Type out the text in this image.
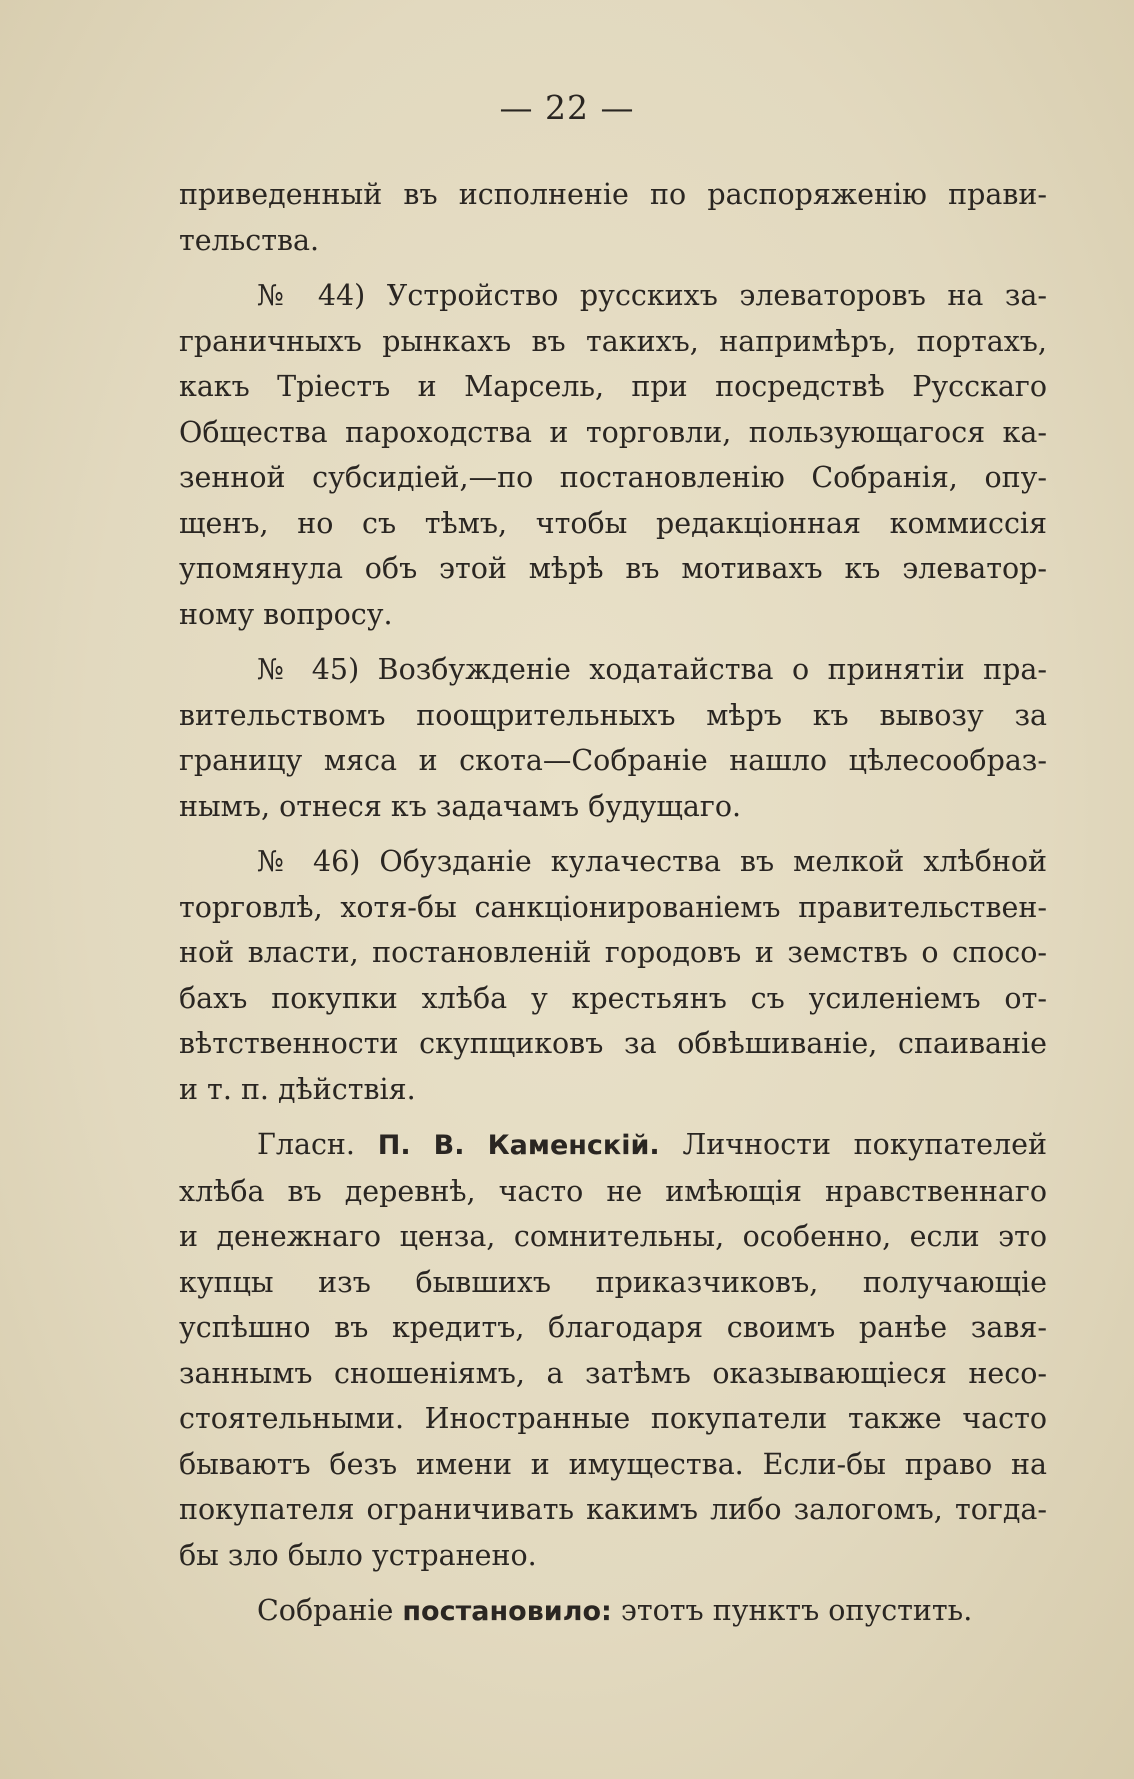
— 22 —
приведенный въ исполненіе по распоряженію прави-
тельства.
№ 44) Устройство русскихъ элеваторовъ на за-
граничныхъ рынкахъ въ такихъ, напримѣръ, портахъ,
какъ Тріестъ и Марсель, при посредствѣ Русскаго
Общества пароходства и торговли, пользующагося ка-
зенной субсидіей,—по постановленію Собранія, опу-
щенъ, но съ тѣмъ, чтобы редакціонная коммиссія
упомянула объ этой мѣрѣ въ мотивахъ къ элеватор-
ному вопросу.
№ 45) Возбужденіе ходатайства о принятіи пра-
вительствомъ поощрительныхъ мѣръ къ вывозу за
границу мяса и скота—Собраніе нашло цѣлесообраз-
нымъ, отнеся къ задачамъ будущаго.
№ 46) Обузданіе кулачества въ мелкой хлѣбной
торговлѣ, хотя-бы санкціонированіемъ правительствен-
ной власти, постановленій городовъ и земствъ о спосо-
бахъ покупки хлѣба у крестьянъ съ усиленіемъ от-
вѣтственности скупщиковъ за обвѣшиваніе, спаиваніе
и т. п. дѣйствія.
Гласн. П. В. Каменскій. Личности покупателей
хлѣба въ деревнѣ, часто не имѣющія нравственнаго
и денежнаго ценза, сомнительны, особенно, если это
купцы изъ бывшихъ приказчиковъ, получающіе
успѣшно въ кредитъ, благодаря своимъ ранѣе завя-
заннымъ сношеніямъ, а затѣмъ оказывающіеся несо-
стоятельными. Иностранные покупатели также часто
бываютъ безъ имени и имущества. Если-бы право на
покупателя ограничивать какимъ либо залогомъ, тогда-
бы зло было устранено.
Собраніе постановило: этотъ пунктъ опустить.
